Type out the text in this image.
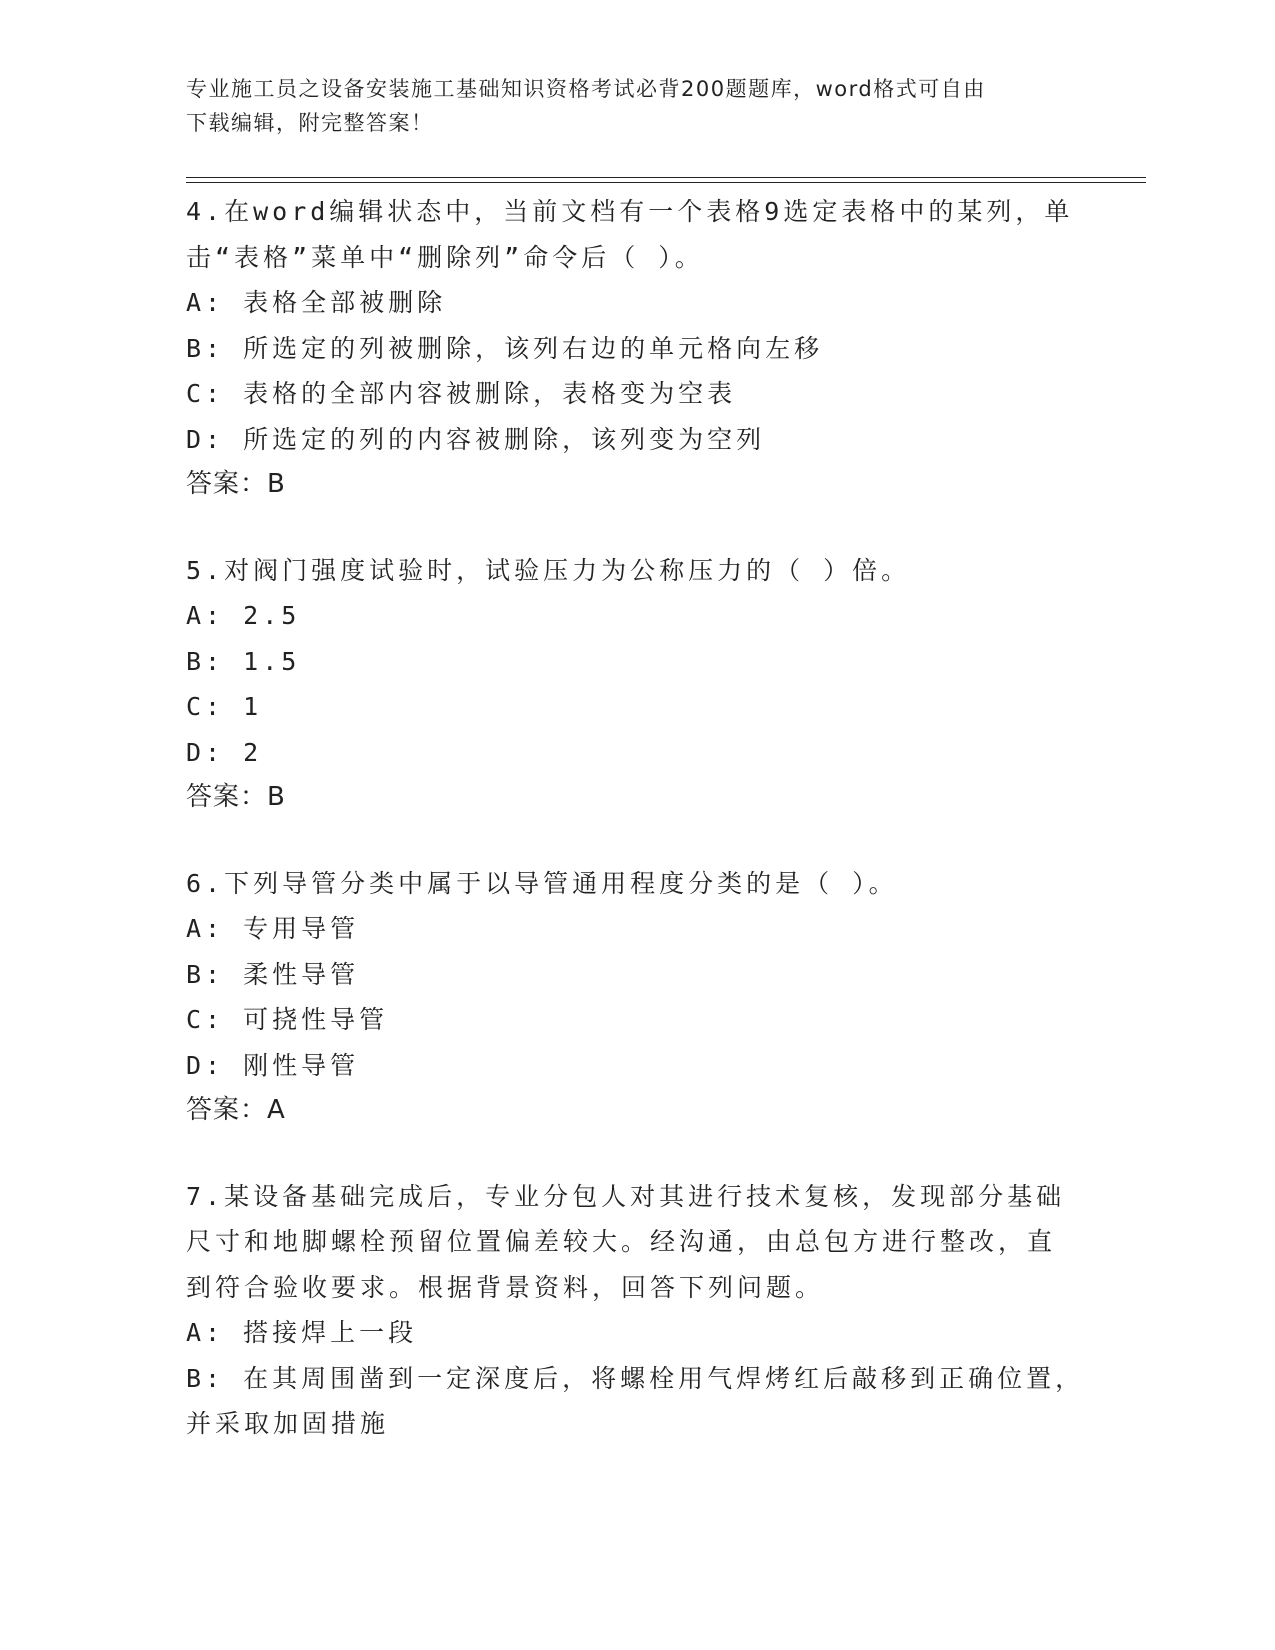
专业施工员之设备安装施工基础知识资格考试必背200题题库，word格式可自由
下载编辑，附完整答案！

4.在word编辑状态中，当前文档有一个表格9选定表格中的某列，单

击“表格”菜单中“删除列”命令后（ ）。

A: 表格全部被删除

B: 所选定的列被删除，该列右边的单元格向左移

C: 表格的全部内容被删除，表格变为空表

D: 所选定的列的内容被删除，该列变为空列

答案：B

5.对阀门强度试验时，试验压力为公称压力的（ ）倍。

A: 2.5

B: 1.5

C: 1

D: 2

答案：B

6.下列导管分类中属于以导管通用程度分类的是（ ）。

A: 专用导管

B: 柔性导管

C: 可挠性导管

D: 刚性导管

答案：A

7.某设备基础完成后，专业分包人对其进行技术复核，发现部分基础

尺寸和地脚螺栓预留位置偏差较大。经沟通，由总包方进行整改，直

到符合验收要求。根据背景资料，回答下列问题。

A: 搭接焊上一段

B: 在其周围凿到一定深度后，将螺栓用气焊烤红后敲移到正确位置，

并采取加固措施
